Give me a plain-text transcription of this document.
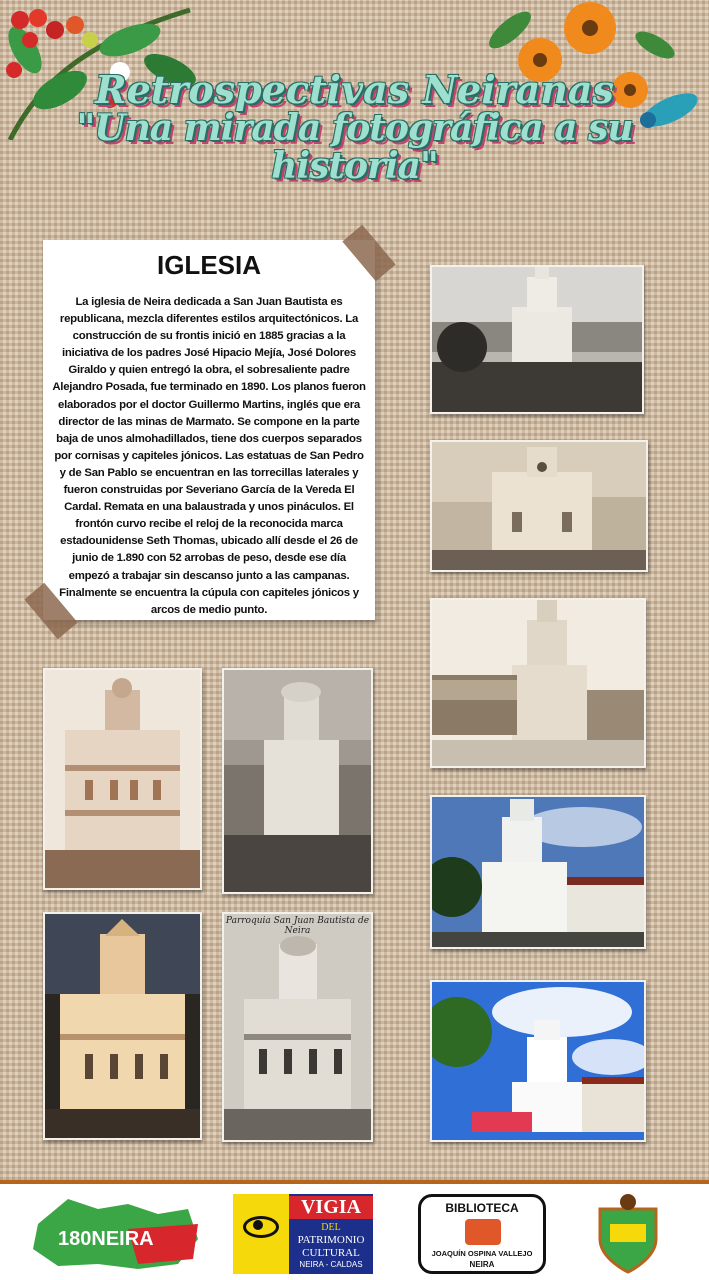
Retrospectivas Neiranas
"Una mirada fotográfica a su historia"
IGLESIA

La iglesia de Neira dedicada a San Juan Bautista es republicana, mezcla diferentes estilos arquitectónicos. La construcción de su frontis inició en 1885 gracias a la iniciativa de los padres José Hipacio Mejía, José Dolores Giraldo y quien entregó la obra, el sobresaliente padre Alejandro Posada, fue terminado en 1890. Los planos fueron elaborados por el doctor Guillermo Martins, inglés que era director de las minas de Marmato. Se compone en la parte baja de unos almohadillados, tiene dos cuerpos separados por cornisas y capiteles jónicos. Las estatuas de San Pedro y de San Pablo se encuentran en las torrecillas laterales y fueron construidas por Severiano García de la Vereda El Cardal. Remata en una balaustrada y unos pináculos. El frontón curvo recibe el reloj de la reconocida marca estadounidense Seth Thomas, ubicado allí desde el 26 de junio de 1.890 con 52 arrobas de peso, desde ese día empezó a trabajar sin descanso junto a las campanas. Finalmente se encuentra la cúpula con capiteles jónicos y arcos de medio punto.

Parroquia San Juan Bautista de Neira
180NEIRA
VIGIA
DEL
PATRIMONIO
CULTURAL
NEIRA - CALDAS
BIBLIOTECA
JOAQUÍN OSPINA VALLEJO
NEIRA
